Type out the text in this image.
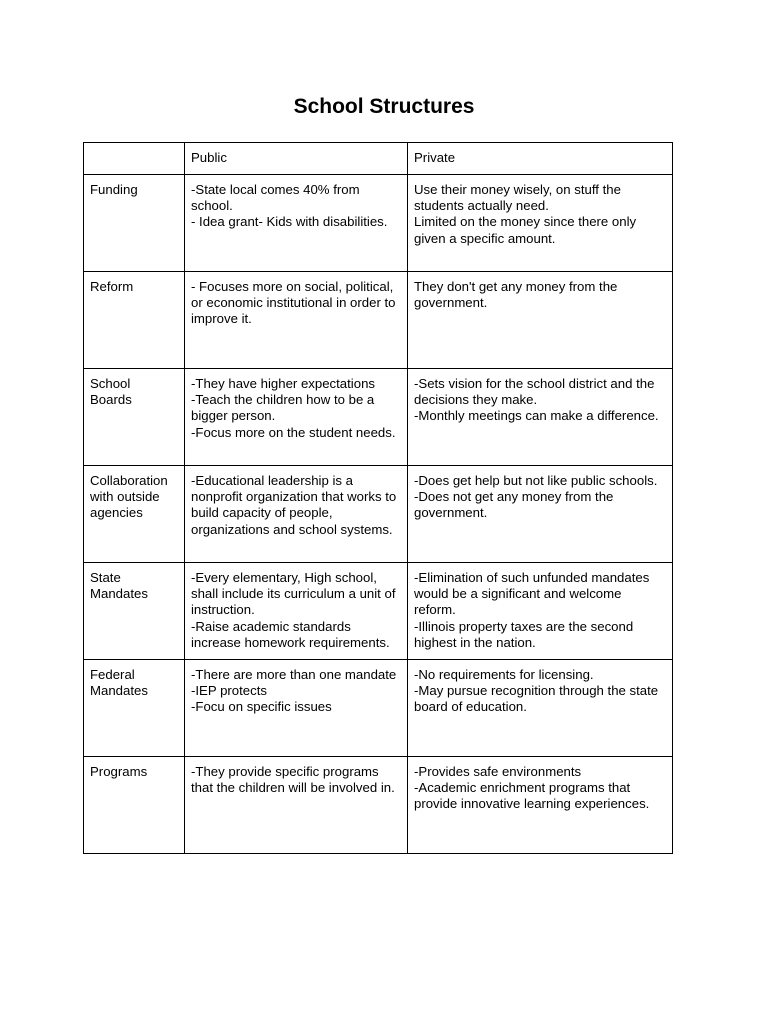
School Structures
	Public	Private

Funding	-State local comes 40% from school.
- Idea grant- Kids with disabilities.	Use their money wisely, on stuff the students actually need.
Limited on the money since there only given a specific amount.

Reform	- Focuses more on social, political, or economic institutional in order to improve it.	They don't get any money from the government.

School
Boards	-They have higher expectations
-Teach the children how to be a bigger person.
-Focus more on the student needs.	-Sets vision for the school district and the decisions they make.
-Monthly meetings can make a difference.

Collaboration
with outside
agencies	-Educational leadership is a nonprofit organization that works to build capacity of people, organizations and school systems.	-Does get help but not like public schools.
-Does not get any money from the government.

State
Mandates	-Every elementary, High school, shall include its curriculum a unit of instruction.
-Raise academic standards increase homework requirements.	-Elimination of such unfunded mandates would be a significant and welcome reform.
-Illinois property taxes are the second highest in the nation.

Federal
Mandates	-There are more than one mandate
-IEP protects
-Focu on specific issues	-No requirements for licensing.
-May pursue recognition through the state board of education.

Programs	-They provide specific programs that the children will be involved in.	-Provides safe environments
-Academic enrichment programs that provide innovative learning experiences.
